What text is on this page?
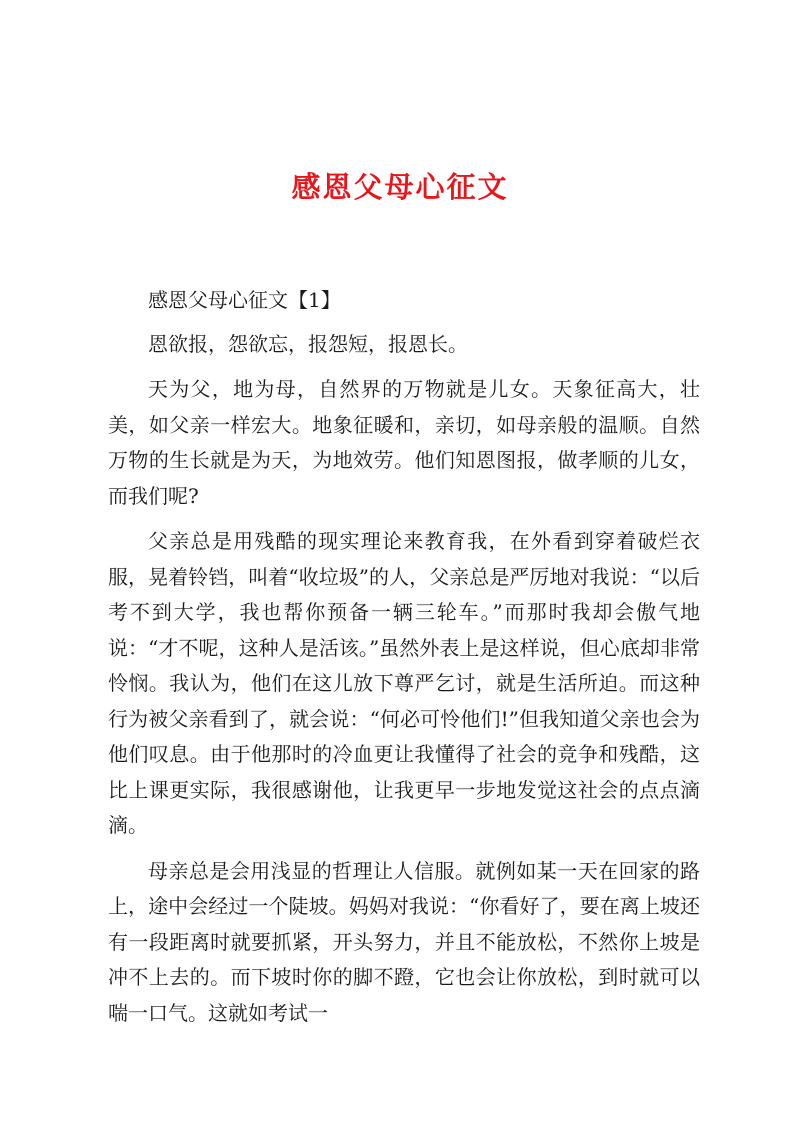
感恩父母心征文

感恩父母心征文【1】

恩欲报，怨欲忘，报怨短，报恩长。

天为父，地为母，自然界的万物就是儿女。天象征高大，壮美，如父亲一样宏大。地象征暖和，亲切，如母亲般的温顺。自然万物的生长就是为天，为地效劳。他们知恩图报，做孝顺的儿女，而我们呢?

父亲总是用残酷的现实理论来教育我，在外看到穿着破烂衣服，晃着铃铛，叫着“收垃圾”的人，父亲总是严厉地对我说：“以后考不到大学，我也帮你预备一辆三轮车。”而那时我却会傲气地说：“才不呢，这种人是活该。”虽然外表上是这样说，但心底却非常怜悯。我认为，他们在这儿放下尊严乞讨，就是生活所迫。而这种行为被父亲看到了，就会说：“何必可怜他们!”但我知道父亲也会为他们叹息。由于他那时的冷血更让我懂得了社会的竞争和残酷，这比上课更实际，我很感谢他，让我更早一步地发觉这社会的点点滴滴。

母亲总是会用浅显的哲理让人信服。就例如某一天在回家的路上，途中会经过一个陡坡。妈妈对我说：“你看好了，要在离上坡还有一段距离时就要抓紧，开头努力，并且不能放松，不然你上坡是冲不上去的。而下坡时你的脚不蹬，它也会让你放松，到时就可以喘一口气。这就如考试一
